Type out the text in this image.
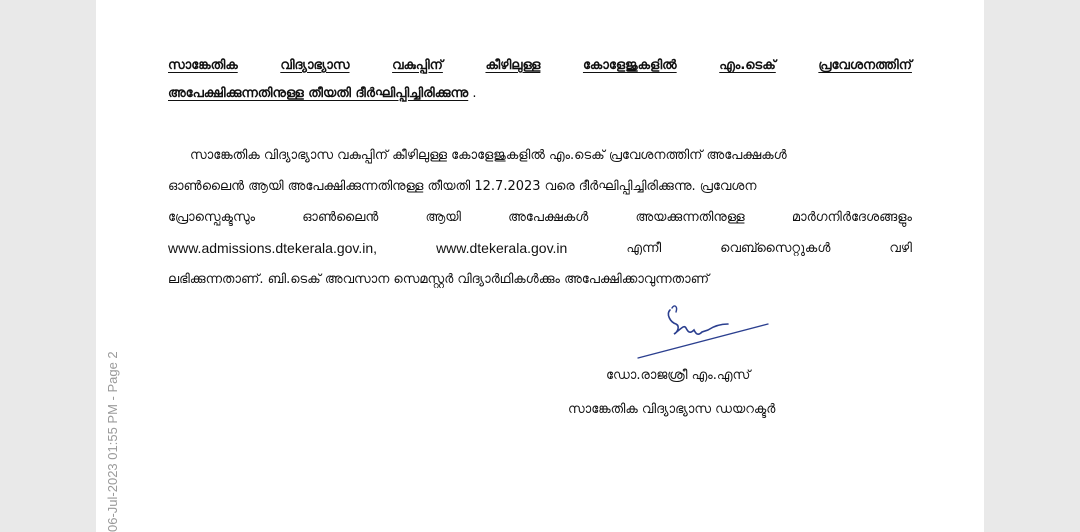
06-Jul-2023 01:55 PM - Page 2
സാങ്കേതിക	വിദ്യാഭ്യാസ	വകുപ്പിന്	കീഴിലുള്ള	കോളേജുകളിൽ	എം.ടെക്	പ്രവേശനത്തിന്
അപേക്ഷിക്കുന്നതിനുള്ള തീയതി ദീർഘിപ്പിച്ചിരിക്കുന്നു .
സാങ്കേതിക വിദ്യാഭ്യാസ വകുപ്പിന് കീഴിലുള്ള കോളേജുകളിൽ എം.ടെക് പ്രവേശനത്തിന് അപേക്ഷകൾ
ഓൺലൈൻ ആയി അപേക്ഷിക്കുന്നതിനുള്ള തീയതി 12.7.2023 വരെ ദീർഘിപ്പിച്ചിരിക്കുന്നു. പ്രവേശന
പ്രോസ്പെക്ടസും	ഓൺലൈൻ	ആയി	അപേക്ഷകൾ	അയക്കുന്നതിനുള്ള	മാർഗനിർദേശങ്ങളും
www.admissions.dtekerala.gov.in,	www.dtekerala.gov.in	എന്നീ	വെബ്സൈറ്റുകൾ	വഴി
ലഭിക്കുന്നതാണ്. ബി.ടെക് അവസാന സെമസ്റ്റർ വിദ്യാർഥികൾക്കും അപേക്ഷിക്കാവുന്നതാണ്
ഡോ.രാജശ്രീ എം.എസ്
സാങ്കേതിക വിദ്യാഭ്യാസ ഡയറക്ടർ
